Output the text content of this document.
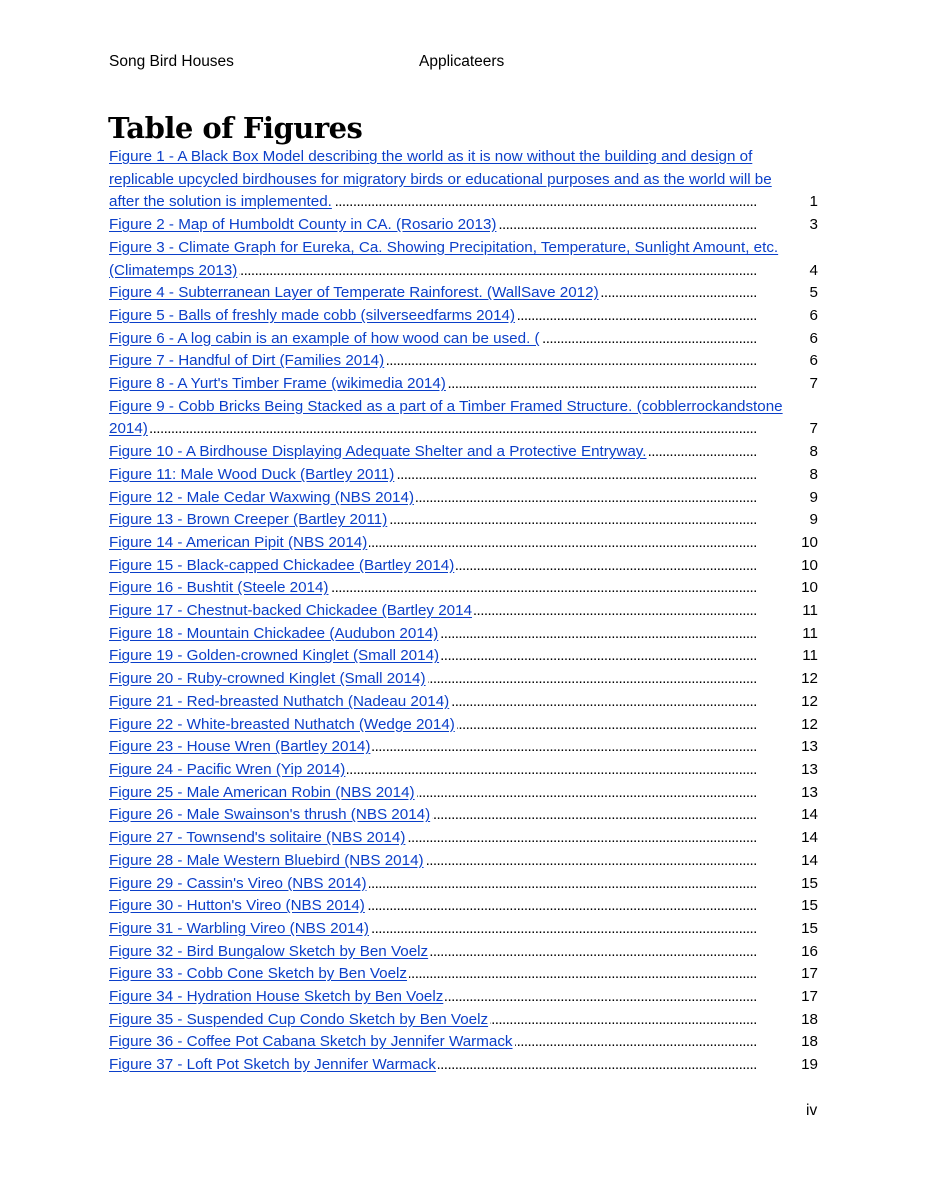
Song Bird Houses	Applicateers
Table of Figures
. . .
Figure 1 - A Black Box Model describing the world as it is now without the building and design of replicable upcycled birdhouses for migratory birds or educational purposes and as the world will be after the solution is implemented.	1
. . .
Figure 2 - Map of Humboldt County in CA. (Rosario 2013)	3
. . .
Figure 3 - Climate Graph for Eureka, Ca. Showing Precipitation, Temperature, Sunlight Amount, etc. (Climatemps 2013)	4
. . .
Figure 4 - Subterranean Layer of Temperate Rainforest. (WallSave 2012)	5
. . .
Figure 5 - Balls of freshly made cobb (silverseedfarms 2014)	6
. . .
Figure 6 - A log cabin is an example of how wood can be used. (	6
. . .
Figure 7 - Handful of Dirt (Families 2014)	6
. . .
Figure 8 - A Yurt's Timber Frame (wikimedia 2014)	7
. . .
Figure 9 - Cobb Bricks Being Stacked as a part of a Timber Framed Structure. (cobblerrockandstone 2014)	7
. . .
Figure 10 - A Birdhouse Displaying Adequate Shelter and a Protective Entryway.	8
. . .
Figure 11: Male Wood Duck (Bartley 2011)	8
. . .
Figure 12 - Male Cedar Waxwing (NBS 2014)	9
. . .
Figure 13 - Brown Creeper (Bartley 2011)	9
. . .
Figure 14 - American Pipit (NBS 2014)	10
. . .
Figure 15 - Black-capped Chickadee (Bartley 2014)	10
. . .
Figure 16 - Bushtit (Steele 2014)	10
. . .
Figure 17 - Chestnut-backed Chickadee (Bartley 2014	11
. . .
Figure 18 - Mountain Chickadee (Audubon 2014)	11
. . .
Figure 19 - Golden-crowned Kinglet (Small 2014)	11
. . .
Figure 20 - Ruby-crowned Kinglet (Small 2014)	12
. . .
Figure 21 - Red-breasted Nuthatch (Nadeau 2014)	12
. . .
Figure 22 - White-breasted Nuthatch (Wedge 2014)	12
. . .
Figure 23 - House Wren (Bartley 2014)	13
. . .
Figure 24 - Pacific Wren (Yip 2014)	13
. . .
Figure 25 - Male American Robin (NBS 2014)	13
. . .
Figure 26 - Male Swainson's thrush (NBS 2014)	14
. . .
Figure 27 - Townsend's solitaire (NBS 2014)	14
. . .
Figure 28 - Male Western Bluebird (NBS 2014)	14
. . .
Figure 29 - Cassin's Vireo (NBS 2014)	15
. . .
Figure 30 - Hutton's Vireo (NBS 2014)	15
. . .
Figure 31 - Warbling Vireo (NBS 2014)	15
. . .
Figure 32 - Bird Bungalow Sketch by Ben Voelz	16
. . .
Figure 33 - Cobb Cone Sketch by Ben Voelz	17
. . .
Figure 34 - Hydration House Sketch by Ben Voelz	17
. . .
Figure 35 - Suspended Cup Condo Sketch by Ben Voelz	18
. . .
Figure 36 - Coffee Pot Cabana Sketch by Jennifer Warmack	18
. . .
Figure 37 - Loft Pot Sketch by Jennifer Warmack	19
iv
